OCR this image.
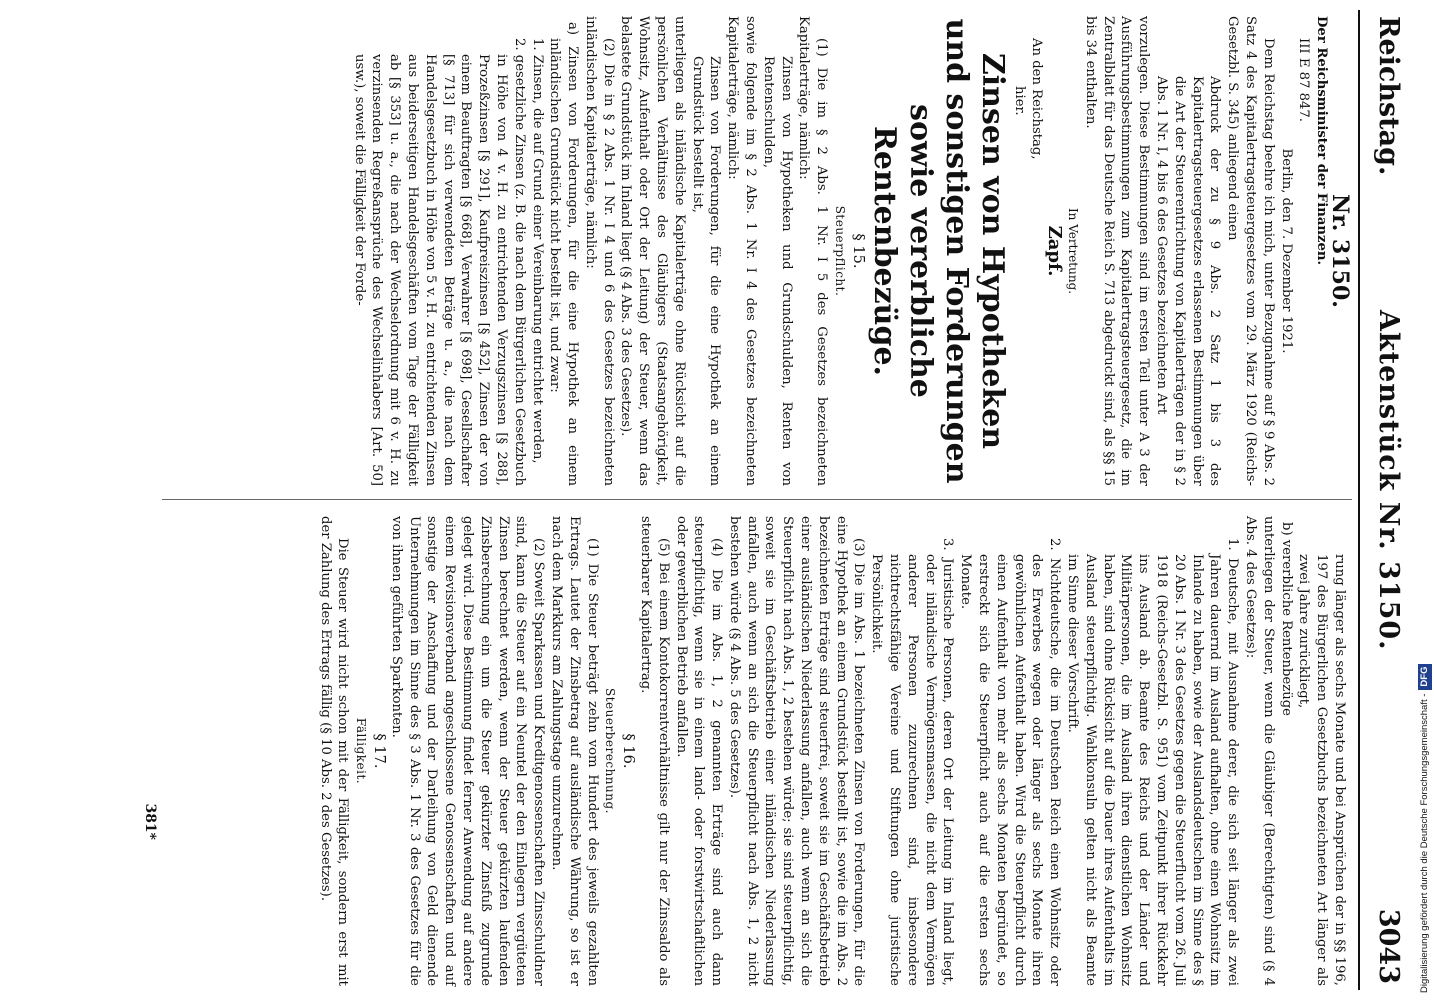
Reichstag.
Aktenstück Nr. 3150.
3043

Nr. 3150.

Der Reichsminister der Finanzen.

III E 87 847.

Berlin, den 7. Dezember 1921.

Dem Reichstag beehre ich mich, unter Bezugnahme auf § 9 Abs. 2 Satz 4 des Kapitalertragsteuergesetzes vom 29. März 1920 (Reichs-Gesetzbl. S. 345) anliegend einen

Abdruck der zu § 9 Abs. 2 Satz 1 bis 3 des Kapitalertragsteuergesetzes erlassenen Bestimmungen über die Art der Steuerentrichtung von Kapitalerträgen der in § 2 Abs. 1 Nr. I, 4 bis 6 des Gesetzes bezeichneten Art

vorzulegen. Diese Bestimmungen sind im ersten Teil unter A 3 der Ausführungsbestimmungen zum Kapitalertragsteuergesetz, die im Zentralblatt für das Deutsche Reich S. 713 abgedruckt sind, als §§ 15 bis 34 enthalten.

In Vertretung.

Zapf.

An den Reichstag,

hier.

Zinsen von Hypotheken und sonstigen Forderungen sowie vererbliche Rentenbezüge.

§ 15.

Steuerpflicht.

(1) Die im § 2 Abs. 1 Nr. I 5 des Gesetzes bezeichneten Kapitalerträge, nämlich:

Zinsen von Hypotheken und Grundschulden, Renten von Rentenschulden,

sowie folgende im § 2 Abs. 1 Nr. I 4 des Gesetzes bezeichneten Kapitalerträge, nämlich:

Zinsen von Forderungen, für die eine Hypothek an einem Grundstück bestellt ist,

unterliegen als inländische Kapitalerträge ohne Rücksicht auf die persönlichen Verhältnisse des Gläubigers (Staatsangehörigkeit, Wohnsitz, Aufenthalt oder Ort der Leitung) der Steuer, wenn das belastete Grundstück im Inland liegt (§ 4 Abs. 3 des Gesetzes).

(2) Die in § 2 Abs. 1 Nr. I 4 und 6 des Gesetzes bezeichneten inländischen Kapitalerträge, nämlich:

a) Zinsen von Forderungen, für die eine Hypothek an einem inländischen Grundstück nicht bestellt ist, und zwar:

1. Zinsen, die auf Grund einer Vereinbarung entrichtet werden,

2. gesetzliche Zinsen (z. B. die nach dem Bürgerlichen Gesetzbuch in Höhe von 4 v. H. zu entrichtenden Verzugszinsen [§ 288], Prozeßzinsen [§ 291], Kaufpreiszinsen [§ 452], Zinsen der von einem Beauftragten [§ 668], Verwahrer [§ 698], Gesellschafter [§ 713] für sich verwendeten Beträge u. a., die nach dem Handelsgesetzbuch in Höhe von 5 v. H. zu entrichtenden Zinsen aus beiderseitigen Handelsgeschäften vom Tage der Fälligkeit ab [§ 353] u. a., die nach der Wechselordnung mit 6 v. H. zu verzinsenden Regreßansprüche des Wechselinhabers [Art. 50] usw.), soweit die Fälligkeit der Forde-

rung länger als sechs Monate und bei Ansprüchen der in §§ 196, 197 des Bürgerlichen Gesetzbuchs bezeichneten Art länger als zwei Jahre zurückliegt,

b) vererbliche Rentenbezüge

unterliegen der Steuer, wenn die Gläubiger (Berechtigten) sind (§ 4 Abs. 4 des Gesetzes):

1. Deutsche, mit Ausnahme derer, die sich seit länger als zwei Jahren dauernd im Ausland aufhalten, ohne einen Wohnsitz im Inlande zu haben, sowie der Auslandsdeutschen im Sinne des § 20 Abs. 1 Nr. 3 des Gesetzes gegen die Steuerflucht vom 26. Juli 1918 (Reichs-Gesetzbl. S. 951) vom Zeitpunkt ihrer Rückkehr ins Ausland ab. Beamte des Reichs und der Länder und Militärpersonen, die im Ausland ihren dienstlichen Wohnsitz haben, sind ohne Rücksicht auf die Dauer ihres Aufenthalts im Ausland steuerpflichtig. Wahlkonsuln gelten nicht als Beamte im Sinne dieser Vorschrift.

2. Nichtdeutsche, die im Deutschen Reich einen Wohnsitz oder des Erwerbes wegen oder länger als sechs Monate ihren gewöhnlichen Aufenthalt haben. Wird die Steuerpflicht durch einen Aufenthalt von mehr als sechs Monaten begründet, so erstreckt sich die Steuerpflicht auch auf die ersten sechs Monate.

3. Juristische Personen, deren Ort der Leitung im Inland liegt, oder inländische Vermögensmassen, die nicht dem Vermögen anderer Personen zuzurechnen sind, insbesondere nichtrechtsfähige Vereine und Stiftungen ohne juristische Persönlichkeit.

(3) Die im Abs. 1 bezeichneten Zinsen von Forderungen, für die eine Hypothek an einem Grundstück bestellt ist, sowie die im Abs. 2 bezeichneten Erträge sind steuerfrei, soweit sie im Geschäftsbetrieb einer ausländischen Niederlassung anfallen, auch wenn an sich die Steuerpflicht nach Abs. 1, 2 bestehen würde; sie sind steuerpflichtig, soweit sie im Geschäftsbetrieb einer inländischen Niederlassung anfallen, auch wenn an sich die Steuerpflicht nach Abs. 1, 2 nicht bestehen würde (§ 4 Abs. 5 des Gesetzes).

(4) Die im Abs. 1, 2 genannten Erträge sind auch dann steuerpflichtig, wenn sie in einem land- oder forstwirtschaftlichen oder gewerblichen Betrieb anfallen.

(5) Bei einem Kontokorrentverhältnisse gilt nur der Zinssaldo als steuerbarer Kapitalertrag.

§ 16.

Steuerberechnung.

(1) Die Steuer beträgt zehn vom Hundert des jeweils gezahlten Ertrags. Lautet der Zinsbetrag auf ausländische Währung, so ist er nach dem Markkurs am Zahlungstage umzurechnen.

(2) Soweit Sparkassen und Kreditgenossenschaften Zinsschuldner sind, kann die Steuer auf ein Neuntel der den Einlegern vergüteten Zinsen berechnet werden, wenn der Steuer gekürzten laufenden Zinsberechnung ein um die Steuer gekürzter Zinsfuß zugrunde gelegt wird. Diese Bestimmung findet ferner Anwendung auf andere einem Revisionsverband angeschlossene Genossenschaften und auf sonstige der Anschaffung und der Darleihung von Geld dienende Unternehmungen im Sinne des § 3 Abs. 1 Nr. 3 des Gesetzes für die von ihnen geführten Sparkonten.

§ 17.

Fälligkeit.

Die Steuer wird nicht schon mit der Fälligkeit, sondern erst mit der Zahlung des Ertrags fällig (§ 10 Abs. 2 des Gesetzes).

381*	Digitalisierung gefördert durch die Deutsche Forschungsgemeinschaft -DFG
